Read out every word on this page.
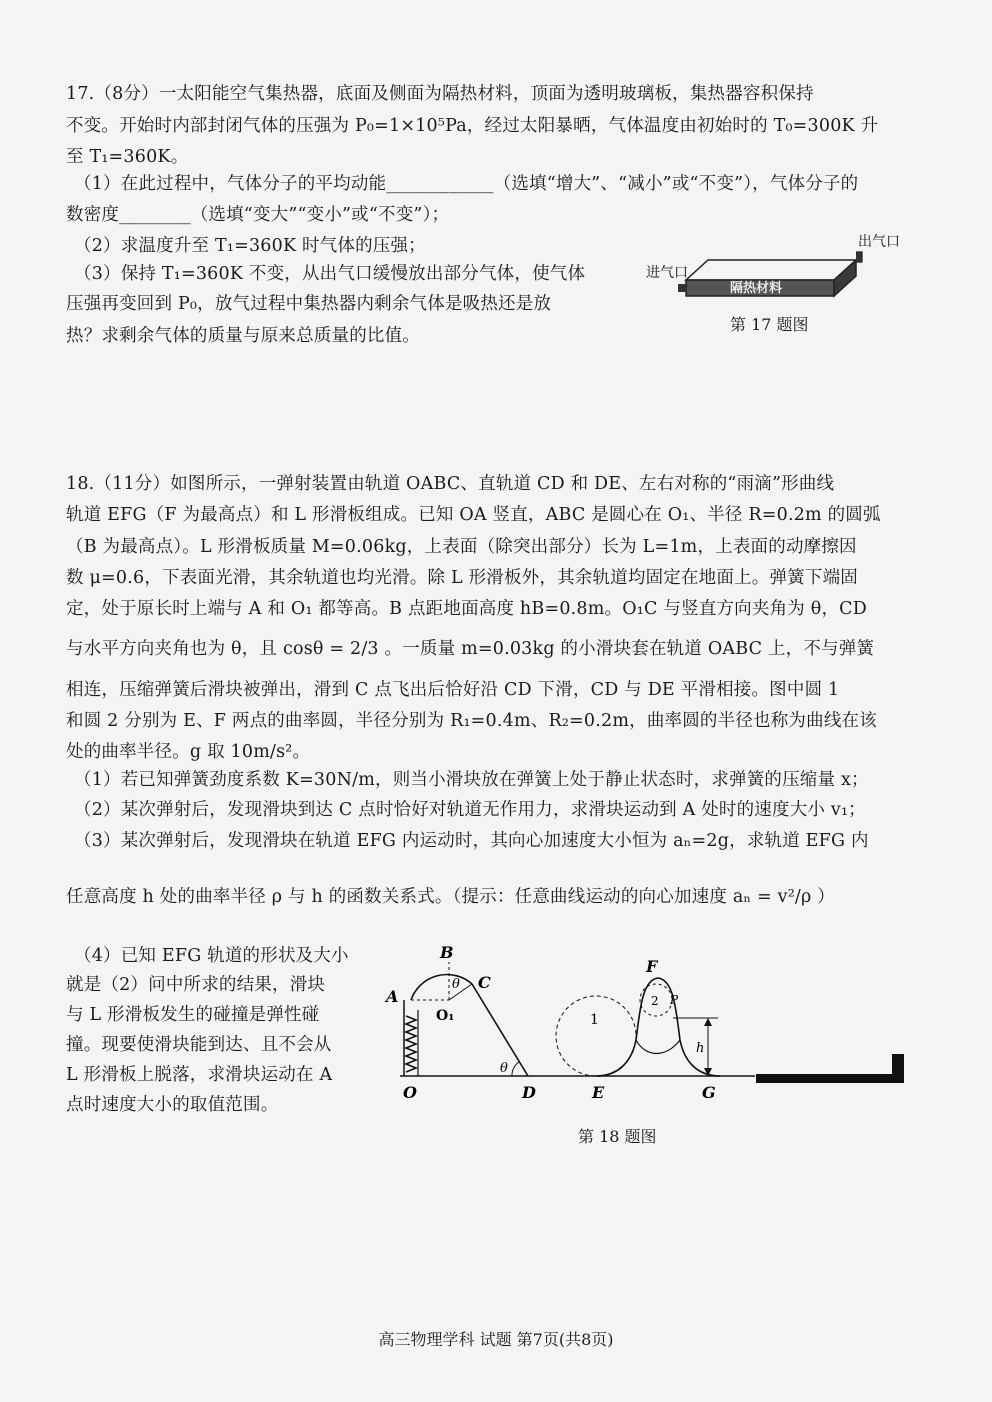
17.（8分）一太阳能空气集热器，底面及侧面为隔热材料，顶面为透明玻璃板，集热器容积保持
不变。开始时内部封闭气体的压强为 P₀=1×10⁵Pa，经过太阳暴晒，气体温度由初始时的 T₀=300K 升
至 T₁=360K。
（1）在此过程中，气体分子的平均动能____________（选填“增大”、“减小”或“不变”），气体分子的
数密度________（选填“变大”“变小”或“不变”）；
（2）求温度升至 T₁=360K 时气体的压强；
（3）保持 T₁=360K 不变，从出气口缓慢放出部分气体，使气体
压强再变回到 P₀，放气过程中集热器内剩余气体是吸热还是放
热？求剩余气体的质量与原来总质量的比值。
进气口
出气口
隔热材料
第 17 题图
18.（11分）如图所示，一弹射装置由轨道 OABC、直轨道 CD 和 DE、左右对称的“雨滴”形曲线
轨道 EFG（F 为最高点）和 L 形滑板组成。已知 OA 竖直，ABC 是圆心在 O₁、半径 R=0.2m 的圆弧
（B 为最高点）。L 形滑板质量 M=0.06kg，上表面（除突出部分）长为 L=1m，上表面的动摩擦因
数 μ=0.6，下表面光滑，其余轨道也均光滑。除 L 形滑板外，其余轨道均固定在地面上。弹簧下端固
定，处于原长时上端与 A 和 O₁ 都等高。B 点距地面高度 hB=0.8m。O₁C 与竖直方向夹角为 θ，CD
与水平方向夹角也为 θ，且 cosθ = 2/3 。一质量 m=0.03kg 的小滑块套在轨道 OABC 上，不与弹簧
相连，压缩弹簧后滑块被弹出，滑到 C 点飞出后恰好沿 CD 下滑，CD 与 DE 平滑相接。图中圆 1
和圆 2 分别为 E、F 两点的曲率圆，半径分别为 R₁=0.4m、R₂=0.2m，曲率圆的半径也称为曲线在该
处的曲率半径。g 取 10m/s²。
（1）若已知弹簧劲度系数 K=30N/m，则当小滑块放在弹簧上处于静止状态时，求弹簧的压缩量 x；
（2）某次弹射后，发现滑块到达 C 点时恰好对轨道无作用力，求滑块运动到 A 处时的速度大小 v₁；
（3）某次弹射后，发现滑块在轨道 EFG 内运动时，其向心加速度大小恒为 aₙ=2g，求轨道 EFG 内
任意高度 h 处的曲率半径 ρ 与 h 的函数关系式。（提示：任意曲线运动的向心加速度 aₙ = v²/ρ ）
（4）已知 EFG 轨道的形状及大小
就是（2）问中所求的结果，滑块
与 L 形滑板发生的碰撞是弹性碰
撞。现要使滑块能到达、且不会从
L 形滑板上脱落，求滑块运动在 A
点时速度大小的取值范围。
B
A
C
O₁
θ
θ
O	D	E	G
F
P
h
1
2
第 18 题图
高三物理学科 试题 第7页(共8页)
